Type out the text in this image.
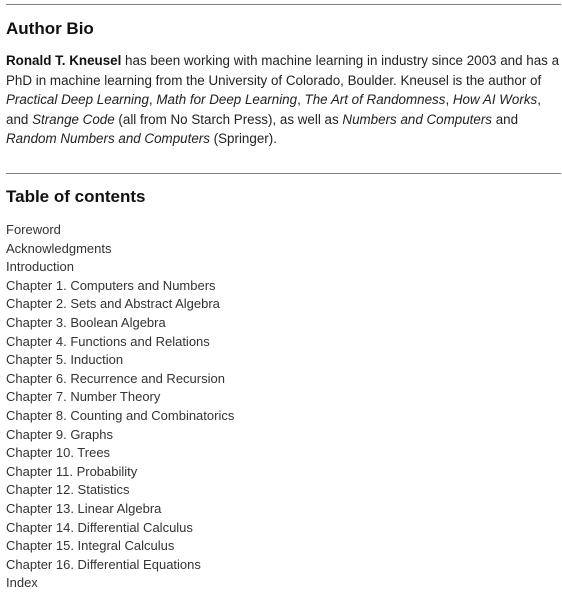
Author Bio

Ronald T. Kneusel has been working with machine learning in industry since 2003 and has a PhD in machine learning from the University of Colorado, Boulder. Kneusel is the author of Practical Deep Learning, Math for Deep Learning, The Art of Randomness, How AI Works, and Strange Code (all from No Starch Press), as well as Numbers and Computers and Random Numbers and Computers (Springer).

Table of contents
Foreword
Acknowledgments
Introduction
Chapter 1. Computers and Numbers
Chapter 2. Sets and Abstract Algebra
Chapter 3. Boolean Algebra
Chapter 4. Functions and Relations
Chapter 5. Induction
Chapter 6. Recurrence and Recursion
Chapter 7. Number Theory
Chapter 8. Counting and Combinatorics
Chapter 9. Graphs
Chapter 10. Trees
Chapter 11. Probability
Chapter 12. Statistics
Chapter 13. Linear Algebra
Chapter 14. Differential Calculus
Chapter 15. Integral Calculus
Chapter 16. Differential Equations
Index
